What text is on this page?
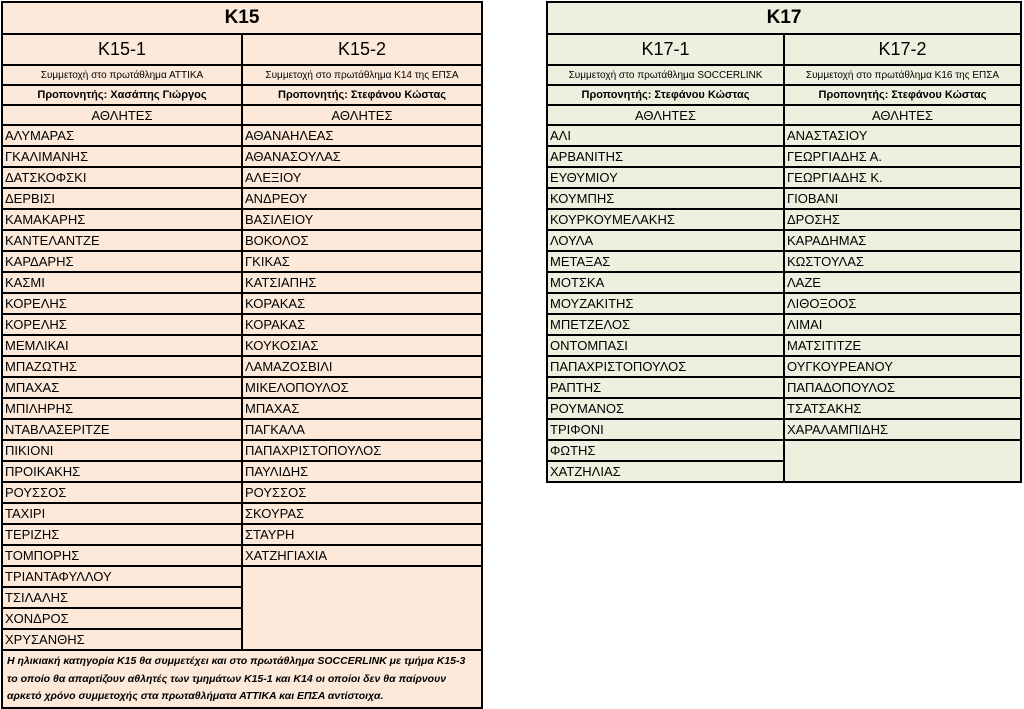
Κ15	
Κ15-1	Κ15-2
Συμμετοχή στο πρωτάθλημα ΑΤΤΙΚΑ	Συμμετοχή στο πρωτάθλημα Κ14 της ΕΠΣΑ
Προπονητής: Χασάπης Γιώργος	Προπονητής: Στεφάνου Κώστας
ΑΘΛΗΤΕΣ	ΑΘΛΗΤΕΣ
ΑΛΥΜΑΡΑΣ	ΑΘΑΝΑΗΛΕΑΣ
ΓΚΑΛΙΜΑΝΗΣ	ΑΘΑΝΑΣΟΥΛΑΣ
ΔΑΤΣΚΟΦΣΚΙ	ΑΛΕΞΙΟΥ
ΔΕΡΒΙΣΙ	ΑΝΔΡΕΟΥ
ΚΑΜΑΚΑΡΗΣ	ΒΑΣΙΛΕΙΟΥ
ΚΑΝΤΕΛΑΝΤΖΕ	ΒΟΚΟΛΟΣ
ΚΑΡΔΑΡΗΣ	ΓΚΙΚΑΣ
ΚΑΣΜΙ	ΚΑΤΣΙΑΠΗΣ
ΚΟΡΕΛΗΣ	ΚΟΡΑΚΑΣ
ΚΟΡΕΛΗΣ	ΚΟΡΑΚΑΣ
ΜΕΜΛΙΚΑΙ	ΚΟΥΚΟΣΙΑΣ
ΜΠΑΖΩΤΗΣ	ΛΑΜΑΖΟΣΒΙΛΙ
ΜΠΑΧΑΣ	ΜΙΚΕΛΟΠΟΥΛΟΣ
ΜΠΙΛΗΡΗΣ	ΜΠΑΧΑΣ
ΝΤΑΒΛΑΣΕΡΙΤΖΕ	ΠΑΓΚΑΛΑ
ΠΙΚΙΟΝΙ	ΠΑΠΑΧΡΙΣΤΟΠΟΥΛΟΣ
ΠΡΟΙΚΑΚΗΣ	ΠΑΥΛΙΔΗΣ
ΡΟΥΣΣΟΣ	ΡΟΥΣΣΟΣ
ΤΑΧΙΡΙ	ΣΚΟΥΡΑΣ
ΤΕΡΙΖΗΣ	ΣΤΑΥΡΗ
ΤΟΜΠΟΡΗΣ	ΧΑΤΖΗΓΙΑΧΙΑ
ΤΡΙΑΝΤΑΦΥΛΛΟΥ	
ΤΣΙΛΑΛΗΣ	
ΧΟΝΔΡΟΣ	
ΧΡΥΣΑΝΘΗΣ	
Η ηλικιακή κατηγορία Κ15 θα συμμετέχει και στο πρωτάθλημα SOCCERLINK με τμήμα Κ15-3 το οποίο θα απαρτίζουν αθλητές των τμημάτων Κ15-1 και Κ14 οι οποίοι δεν θα παίρνουν αρκετό χρόνο συμμετοχής στα πρωταθλήματα ΑΤΤΙΚΑ και ΕΠΣΑ αντίστοιχα.	
Κ17	
Κ17-1	Κ17-2
Συμμετοχή στο πρωτάθλημα SOCCERLINK	Συμμετοχή στο πρωτάθλημα Κ16 της ΕΠΣΑ
Προπονητής: Στεφάνου Κώστας	Προπονητής: Στεφάνου Κώστας
ΑΘΛΗΤΕΣ	ΑΘΛΗΤΕΣ
ΑΛΙ	ΑΝΑΣΤΑΣΙΟΥ
ΑΡΒΑΝΙΤΗΣ	ΓΕΩΡΓΙΑΔΗΣ Α.
ΕΥΘΥΜΙΟΥ	ΓΕΩΡΓΙΑΔΗΣ Κ.
ΚΟΥΜΠΗΣ	ΓΙΟΒΑΝΙ
ΚΟΥΡΚΟΥΜΕΛΑΚΗΣ	ΔΡΟΣΗΣ
ΛΟΥΛΑ	ΚΑΡΑΔΗΜΑΣ
ΜΕΤΑΞΑΣ	ΚΩΣΤΟΥΛΑΣ
ΜΟΤΣΚΑ	ΛΑΖΕ
ΜΟΥΖΑΚΙΤΗΣ	ΛΙΘΟΞΟΟΣ
ΜΠΕΤΖΕΛΟΣ	ΛΙΜΑΙ
ΟΝΤΟΜΠΑΣΙ	ΜΑΤΣΙΤΙΤΖΕ
ΠΑΠΑΧΡΙΣΤΟΠΟΥΛΟΣ	ΟΥΓΚΟΥΡΕΑΝΟΥ
ΡΑΠΤΗΣ	ΠΑΠΑΔΟΠΟΥΛΟΣ
ΡΟΥΜΑΝΟΣ	ΤΣΑΤΣΑΚΗΣ
ΤΡΙΦΟΝΙ	ΧΑΡΑΛΑΜΠΙΔΗΣ
ΦΩΤΗΣ	
ΧΑΤΖΗΛΙΑΣ	
